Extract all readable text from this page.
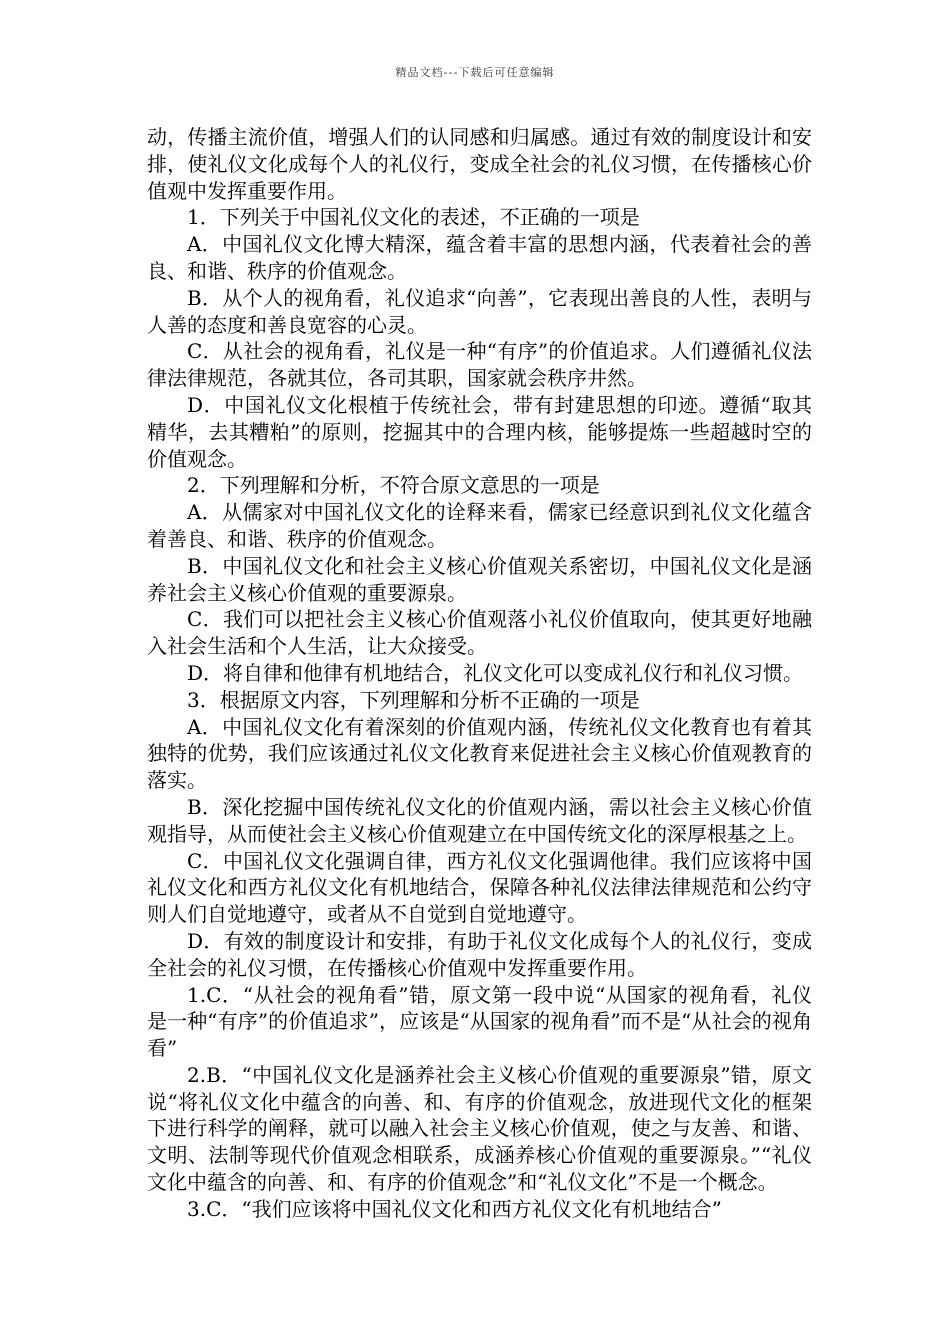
精品文档---下载后可任意编辑

动，传播主流价值，增强人们的认同感和归属感。通过有效的制度设计和安排，使礼仪文化成每个人的礼仪行，变成全社会的礼仪习惯，在传播核心价值观中发挥重要作用。

1．下列关于中国礼仪文化的表述，不正确的一项是

A．中国礼仪文化博大精深，蕴含着丰富的思想内涵，代表着社会的善良、和谐、秩序的价值观念。

B．从个人的视角看，礼仪追求“向善”，它表现出善良的人性，表明与人善的态度和善良宽容的心灵。

C．从社会的视角看，礼仪是一种“有序”的价值追求。人们遵循礼仪法律法律规范，各就其位，各司其职，国家就会秩序井然。

D．中国礼仪文化根植于传统社会，带有封建思想的印迹。遵循“取其精华，去其糟粕”的原则，挖掘其中的合理内核，能够提炼一些超越时空的价值观念。

2．下列理解和分析，不符合原文意思的一项是

A．从儒家对中国礼仪文化的诠释来看，儒家已经意识到礼仪文化蕴含着善良、和谐、秩序的价值观念。

B．中国礼仪文化和社会主义核心价值观关系密切，中国礼仪文化是涵养社会主义核心价值观的重要源泉。

C．我们可以把社会主义核心价值观落小礼仪价值取向，使其更好地融入社会生活和个人生活，让大众接受。

D．将自律和他律有机地结合，礼仪文化可以变成礼仪行和礼仪习惯。

3．根据原文内容，下列理解和分析不正确的一项是

A．中国礼仪文化有着深刻的价值观内涵，传统礼仪文化教育也有着其独特的优势，我们应该通过礼仪文化教育来促进社会主义核心价值观教育的落实。

B．深化挖掘中国传统礼仪文化的价值观内涵，需以社会主义核心价值观指导，从而使社会主义核心价值观建立在中国传统文化的深厚根基之上。

C．中国礼仪文化强调自律，西方礼仪文化强调他律。我们应该将中国礼仪文化和西方礼仪文化有机地结合，保障各种礼仪法律法律规范和公约守则人们自觉地遵守，或者从不自觉到自觉地遵守。

D．有效的制度设计和安排，有助于礼仪文化成每个人的礼仪行，变成全社会的礼仪习惯，在传播核心价值观中发挥重要作用。

1.C．“从社会的视角看”错，原文第一段中说“从国家的视角看，礼仪是一种“有序”的价值追求”，应该是“从国家的视角看”而不是“从社会的视角看”

2.B．“中国礼仪文化是涵养社会主义核心价值观的重要源泉”错，原文说“将礼仪文化中蕴含的向善、和、有序的价值观念，放进现代文化的框架下进行科学的阐释，就可以融入社会主义核心价值观，使之与友善、和谐、文明、法制等现代价值观念相联系，成涵养核心价值观的重要源泉。”“礼仪文化中蕴含的向善、和、有序的价值观念”和“礼仪文化”不是一个概念。

3.C．“我们应该将中国礼仪文化和西方礼仪文化有机地结合”
